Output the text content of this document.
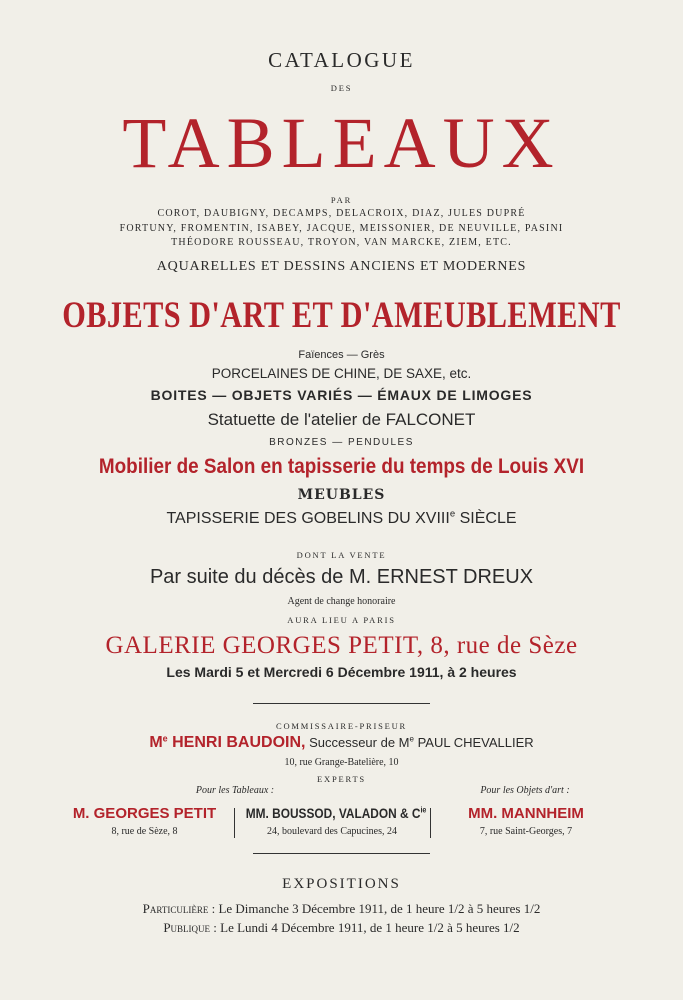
CATALOGUE
DES
TABLEAUX
PAR
COROT, DAUBIGNY, DECAMPS, DELACROIX, DIAZ, JULES DUPRÉ
FORTUNY, FROMENTIN, ISABEY, JACQUE, MEISSONIER, DE NEUVILLE, PASINI
THÉODORE ROUSSEAU, TROYON, VAN MARCKE, ZIEM, ETC.
AQUARELLES ET DESSINS ANCIENS ET MODERNES
OBJETS D'ART ET D'AMEUBLEMENT
Faïences — Grès
PORCELAINES DE CHINE, DE SAXE, etc.
BOITES — OBJETS VARIÉS — ÉMAUX DE LIMOGES
Statuette de l'atelier de FALCONET
BRONZES — PENDULES
Mobilier de Salon en tapisserie du temps de Louis XVI
MEUBLES
TAPISSERIE DES GOBELINS DU XVIIIe SIÈCLE
DONT LA VENTE
Par suite du décès de M. ERNEST DREUX
Agent de change honoraire
AURA LIEU A PARIS
GALERIE GEORGES PETIT, 8, rue de Sèze
Les Mardi 5 et Mercredi 6 Décembre 1911, à 2 heures
COMMISSAIRE-PRISEUR
Me HENRI BAUDOIN, Successeur de Me PAUL CHEVALLIER
10, rue Grange-Batelière, 10
EXPERTS
Pour les Tableaux :	Pour les Objets d'art :
M. GEORGES PETIT
8, rue de Sèze, 8
MM. BOUSSOD, VALADON & $C^{ie}$
24, boulevard des Capucines, 24
MM. MANNHEIM
7, rue Saint-Georges, 7
EXPOSITIONS
Particulière : Le Dimanche 3 Décembre 1911, de 1 heure 1/2 à 5 heures 1/2
Publique : Le Lundi 4 Décembre 1911, de 1 heure 1/2 à 5 heures 1/2
